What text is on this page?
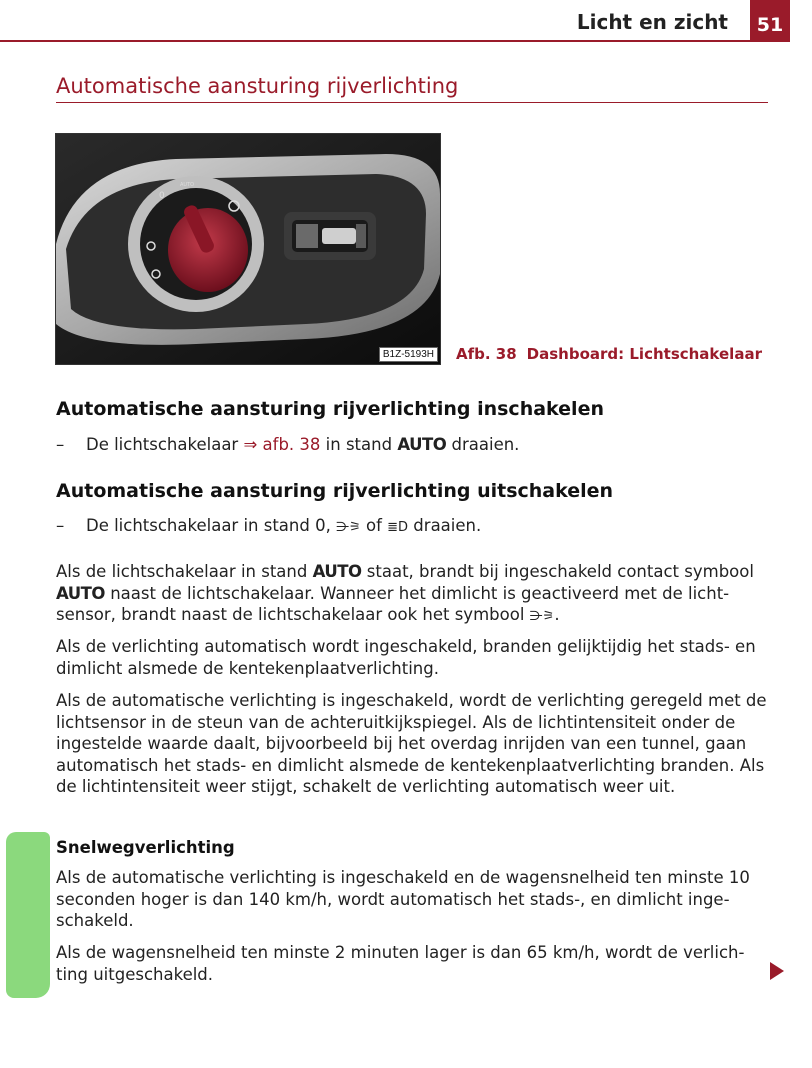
Licht en zicht	51
Automatische aansturing rijverlichting
0
AUTO
B1Z-5193H Afb. 38 Dashboard: Lichtschakelaar
Automatische aansturing rijverlichting inschakelen
– De lichtschakelaar ⇒ afb. 38 in stand AUTO draaien.
Automatische aansturing rijverlichting uitschakelen
– De lichtschakelaar in stand 0, ⋺⚞ of ≣D draaien.
Als de lichtschakelaar in stand AUTO staat, brandt bij ingeschakeld contact symbool AUTO naast de lichtschakelaar. Wanneer het dimlicht is geactiveerd met de licht-sensor, brandt naast de lichtschakelaar ook het symbool ⋺⚞.
Als de verlichting automatisch wordt ingeschakeld, branden gelijktijdig het stads- en dimlicht alsmede de kentekenplaatverlichting.
Als de automatische verlichting is ingeschakeld, wordt de verlichting geregeld met de lichtsensor in de steun van de achteruitkijkspiegel. Als de lichtintensiteit onder de ingestelde waarde daalt, bijvoorbeeld bij het overdag inrijden van een tunnel, gaan automatisch het stads- en dimlicht alsmede de kentekenplaatverlichting branden. Als de lichtintensiteit weer stijgt, schakelt de verlichting automatisch weer uit.
Snelwegverlichting
Als de automatische verlichting is ingeschakeld en de wagensnelheid ten minste 10 seconden hoger is dan 140 km/h, wordt automatisch het stads-, en dimlicht inge-schakeld.
Als de wagensnelheid ten minste 2 minuten lager is dan 65 km/h, wordt de verlich-ting uitgeschakeld.
